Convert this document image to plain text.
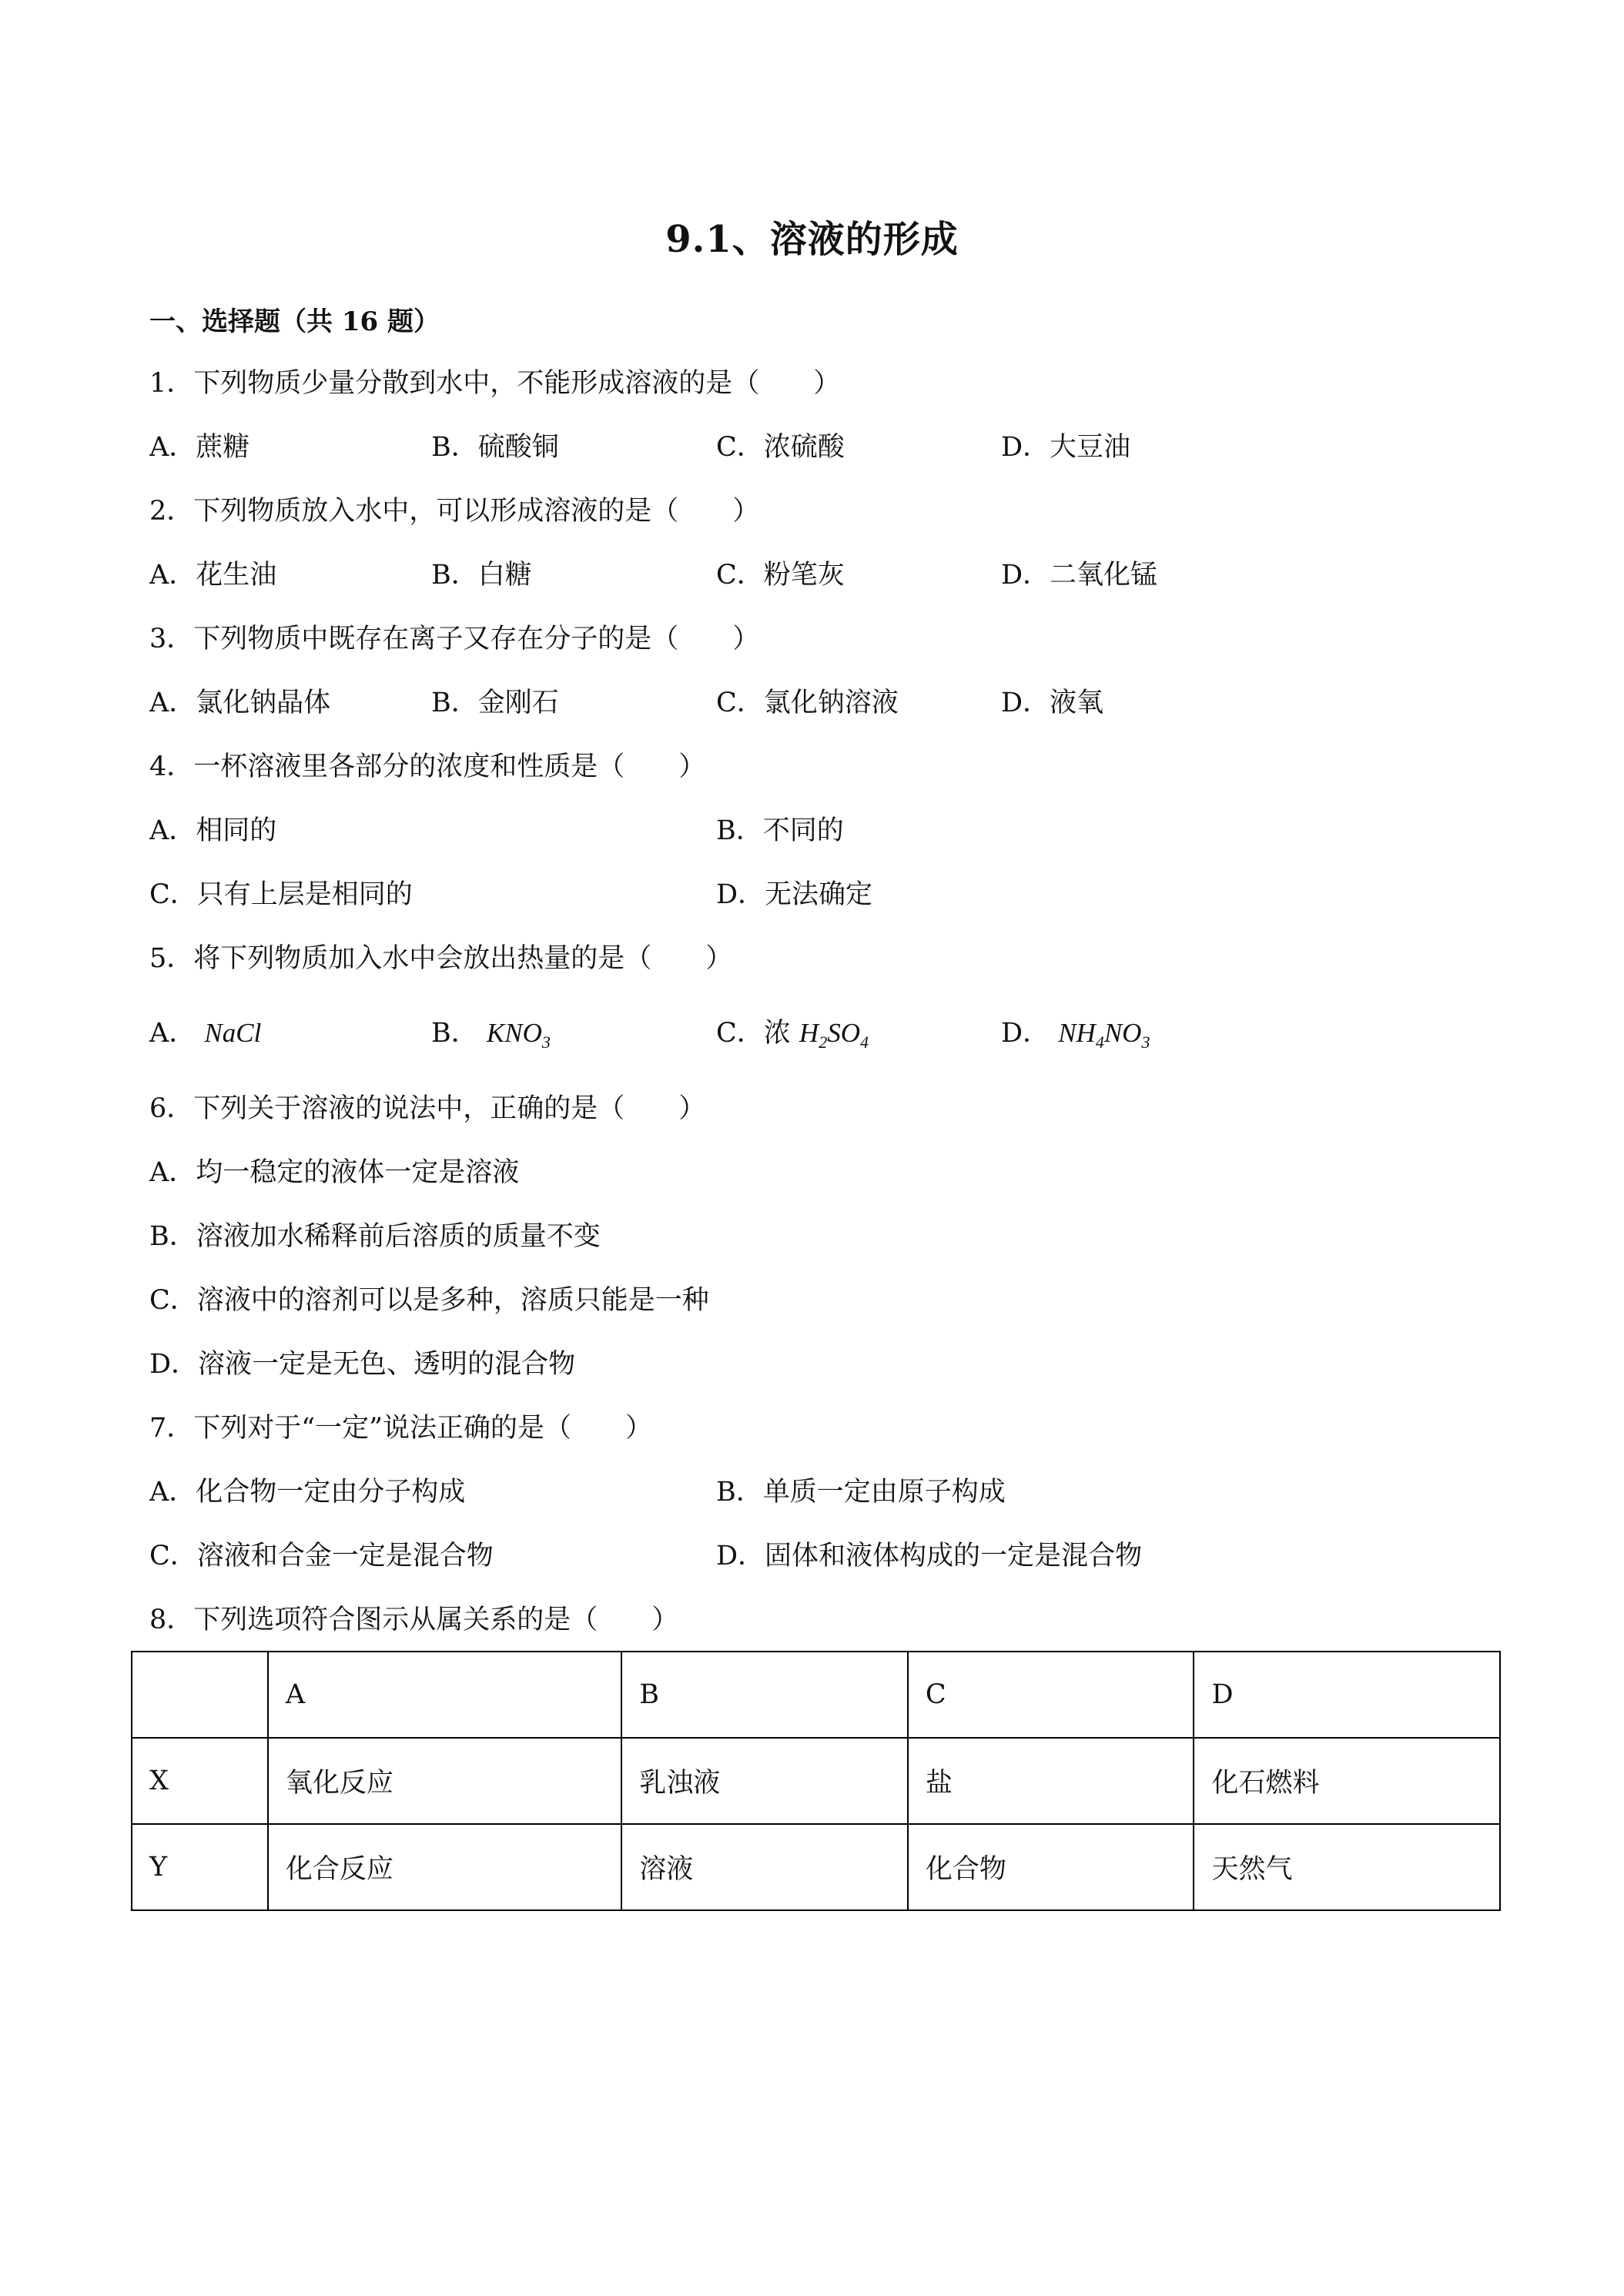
9.1、溶液的形成
一、选择题（共 16 题）
1．下列物质少量分散到水中，不能形成溶液的是（　　）
A．蔗糖	B．硫酸铜	C．浓硫酸	D．大豆油
2．下列物质放入水中，可以形成溶液的是（　　）
A．花生油	B．白糖	C．粉笔灰	D．二氧化锰
3．下列物质中既存在离子又存在分子的是（　　）
A．氯化钠晶体	B．金刚石	C．氯化钠溶液	D．液氧
4．一杯溶液里各部分的浓度和性质是（　　）
A．相同的	B．不同的
C．只有上层是相同的	D．无法确定
5．将下列物质加入水中会放出热量的是（　　）
A． NaCl	B． $KNO_3$	C．浓 $H_2SO_4$	D． $NH_4NO_3$
6．下列关于溶液的说法中，正确的是（　　）
A．均一稳定的液体一定是溶液
B．溶液加水稀释前后溶质的质量不变
C．溶液中的溶剂可以是多种，溶质只能是一种
D．溶液一定是无色、透明的混合物
7．下列对于“一定”说法正确的是（　　）
A．化合物一定由分子构成	B．单质一定由原子构成
C．溶液和合金一定是混合物	D．固体和液体构成的一定是混合物
8．下列选项符合图示从属关系的是（　　）
	A	B	C	D
X	氧化反应	乳浊液	盐	化石燃料
Y	化合反应	溶液	化合物	天然气
